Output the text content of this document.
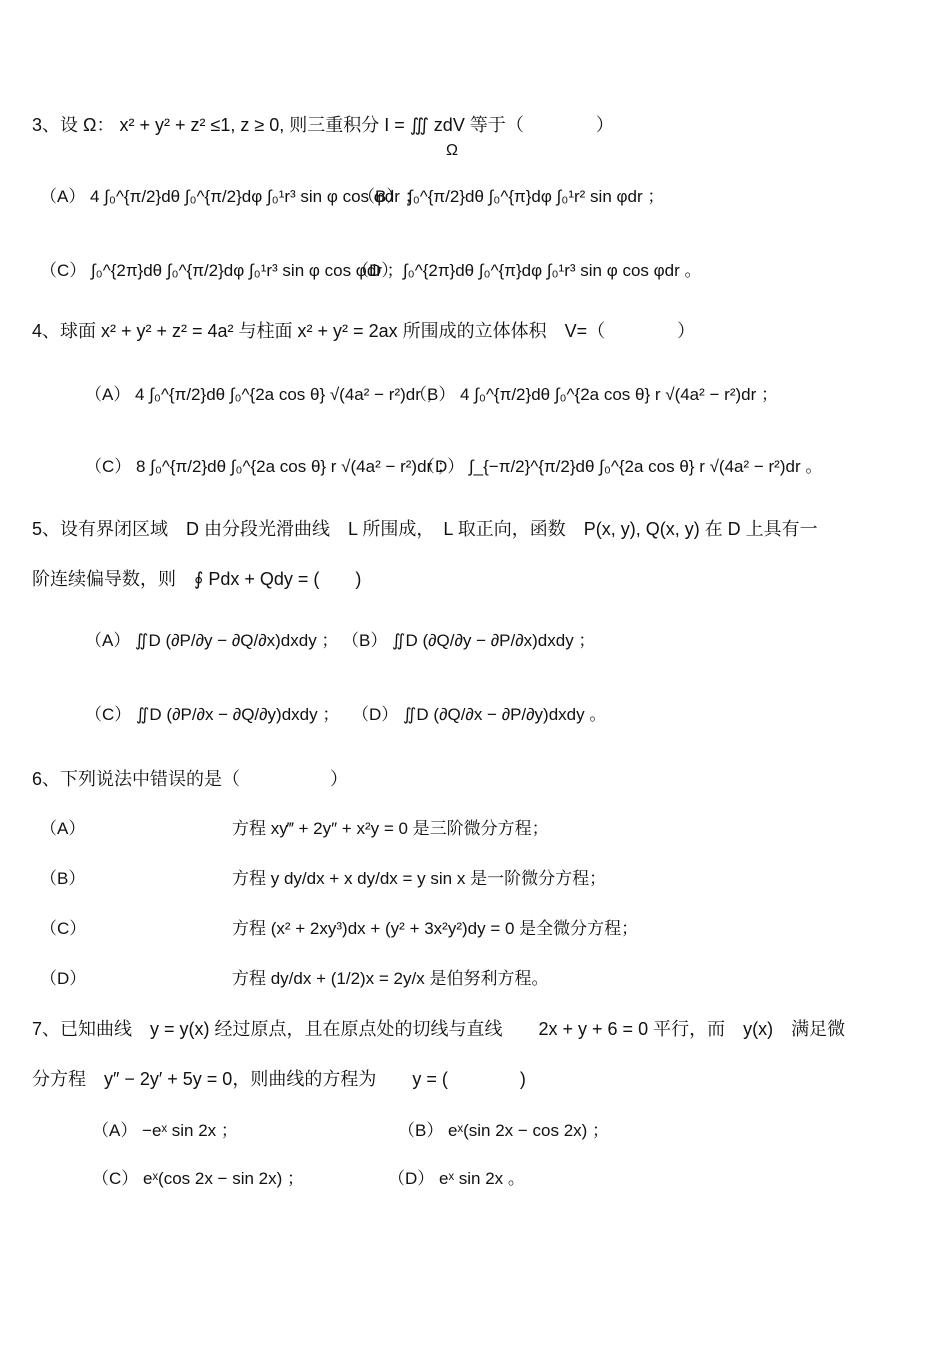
3、设 Ω： x² + y² + z² ≤1, z ≥ 0, 则三重积分 I = ∭ zdV 等于（　　　　）
Ω
（A） 4 ∫₀^{π/2}dθ ∫₀^{π/2}dφ ∫₀¹r³ sin φ cos φdr ；
（B） ∫₀^{π/2}dθ ∫₀^{π}dφ ∫₀¹r² sin φdr ；
（C） ∫₀^{2π}dθ ∫₀^{π/2}dφ ∫₀¹r³ sin φ cos φdr ；
（D） ∫₀^{2π}dθ ∫₀^{π}dφ ∫₀¹r³ sin φ cos φdr 。
4、球面 x² + y² + z² = 4a² 与柱面 x² + y² = 2ax 所围成的立体体积　V=（　　　　）
（A） 4 ∫₀^{π/2}dθ ∫₀^{2a cos θ} √(4a² − r²)dr ；
（B） 4 ∫₀^{π/2}dθ ∫₀^{2a cos θ} r √(4a² − r²)dr ；
（C） 8 ∫₀^{π/2}dθ ∫₀^{2a cos θ} r √(4a² − r²)dr ；
（D） ∫_{−π/2}^{π/2}dθ ∫₀^{2a cos θ} r √(4a² − r²)dr 。
5、设有界闭区域　D 由分段光滑曲线　L 所围成，　L 取正向，函数　P(x, y), Q(x, y) 在 D 上具有一
阶连续偏导数，则　∮ Pdx + Qdy = (　　)
（A） ∬D (∂P/∂y − ∂Q/∂x)dxdy ； （B） ∬D (∂Q/∂y − ∂P/∂x)dxdy ；
（C） ∬D (∂P/∂x − ∂Q/∂y)dxdy ； （D） ∬D (∂Q/∂x − ∂P/∂y)dxdy 。
6、下列说法中错误的是（　　　　　）
（A）	方程 xy‴ + 2y″ + x²y = 0 是三阶微分方程；
（B）	方程 y dy/dx + x dy/dx = y sin x 是一阶微分方程；
（C）	方程 (x² + 2xy³)dx + (y² + 3x²y²)dy = 0 是全微分方程；
（D）	方程 dy/dx + (1/2)x = 2y/x 是伯努利方程。
7、已知曲线　y = y(x) 经过原点，且在原点处的切线与直线　　2x + y + 6 = 0 平行，而　y(x)　满足微
分方程　y″ − 2y′ + 5y = 0，则曲线的方程为　　y = (　　　　)
（A） −eˣ sin 2x ；	（B） eˣ(sin 2x − cos 2x) ；
（C） eˣ(cos 2x − sin 2x) ；	（D） eˣ sin 2x 。
